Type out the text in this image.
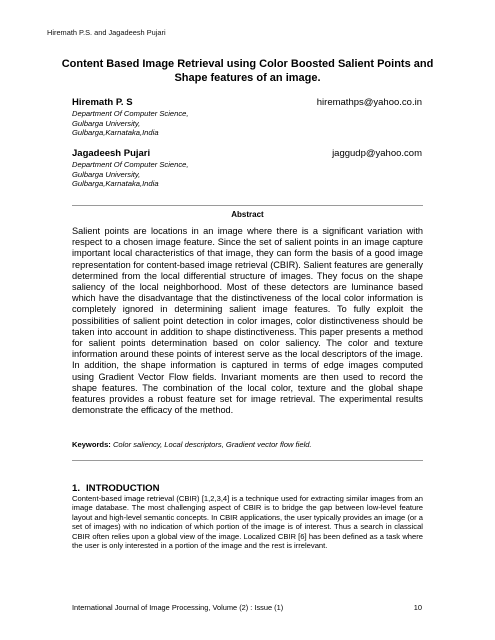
Hiremath P.S. and Jagadeesh Pujari
Content Based Image Retrieval using Color Boosted Salient Points and Shape features of an image.
Hiremath P. S
Department Of Computer Science,
Gulbarga University,
Gulbarga,Karnataka,India
hiremathps@yahoo.co.in
Jagadeesh Pujari
Department Of Computer Science,
Gulbarga University,
Gulbarga,Karnataka,India
jaggudp@yahoo.com
Abstract
Salient points are locations in an image where there is a significant variation with respect to a chosen image feature. Since the set of salient points in an image capture important local characteristics of that image, they can form the basis of a good image representation for content-based image retrieval (CBIR). Salient features are generally determined from the local differential structure of images. They focus on the shape saliency of the local neighborhood. Most of these detectors are luminance based which have the disadvantage that the distinctiveness of the local color information is completely ignored in determining salient image features. To fully exploit the possibilities of salient point detection in color images, color distinctiveness should be taken into account in addition to shape distinctiveness. This paper presents a method for salient points determination based on color saliency. The color and texture information around these points of interest serve as the local descriptors of the image. In addition, the shape information is captured in terms of edge images computed using Gradient Vector Flow fields. Invariant moments are then used to record the shape features. The combination of the local color, texture and the global shape features provides a robust feature set for image retrieval. The experimental results demonstrate the efficacy of the method.
Keywords: Color saliency, Local descriptors, Gradient vector flow field.
1. INTRODUCTION
Content-based image retrieval (CBIR) [1,2,3,4] is a technique used for extracting similar images from an image database. The most challenging aspect of CBIR is to bridge the gap between low-level feature layout and high-level semantic concepts. In CBIR applications, the user typically provides an image (or a set of images) with no indication of which portion of the image is of interest. Thus a search in classical CBIR often relies upon a global view of the image. Localized CBIR [6] has been defined as a task where the user is only interested in a portion of the image and the rest is irrelevant.
International Journal of Image Processing, Volume (2) : Issue (1)	10
